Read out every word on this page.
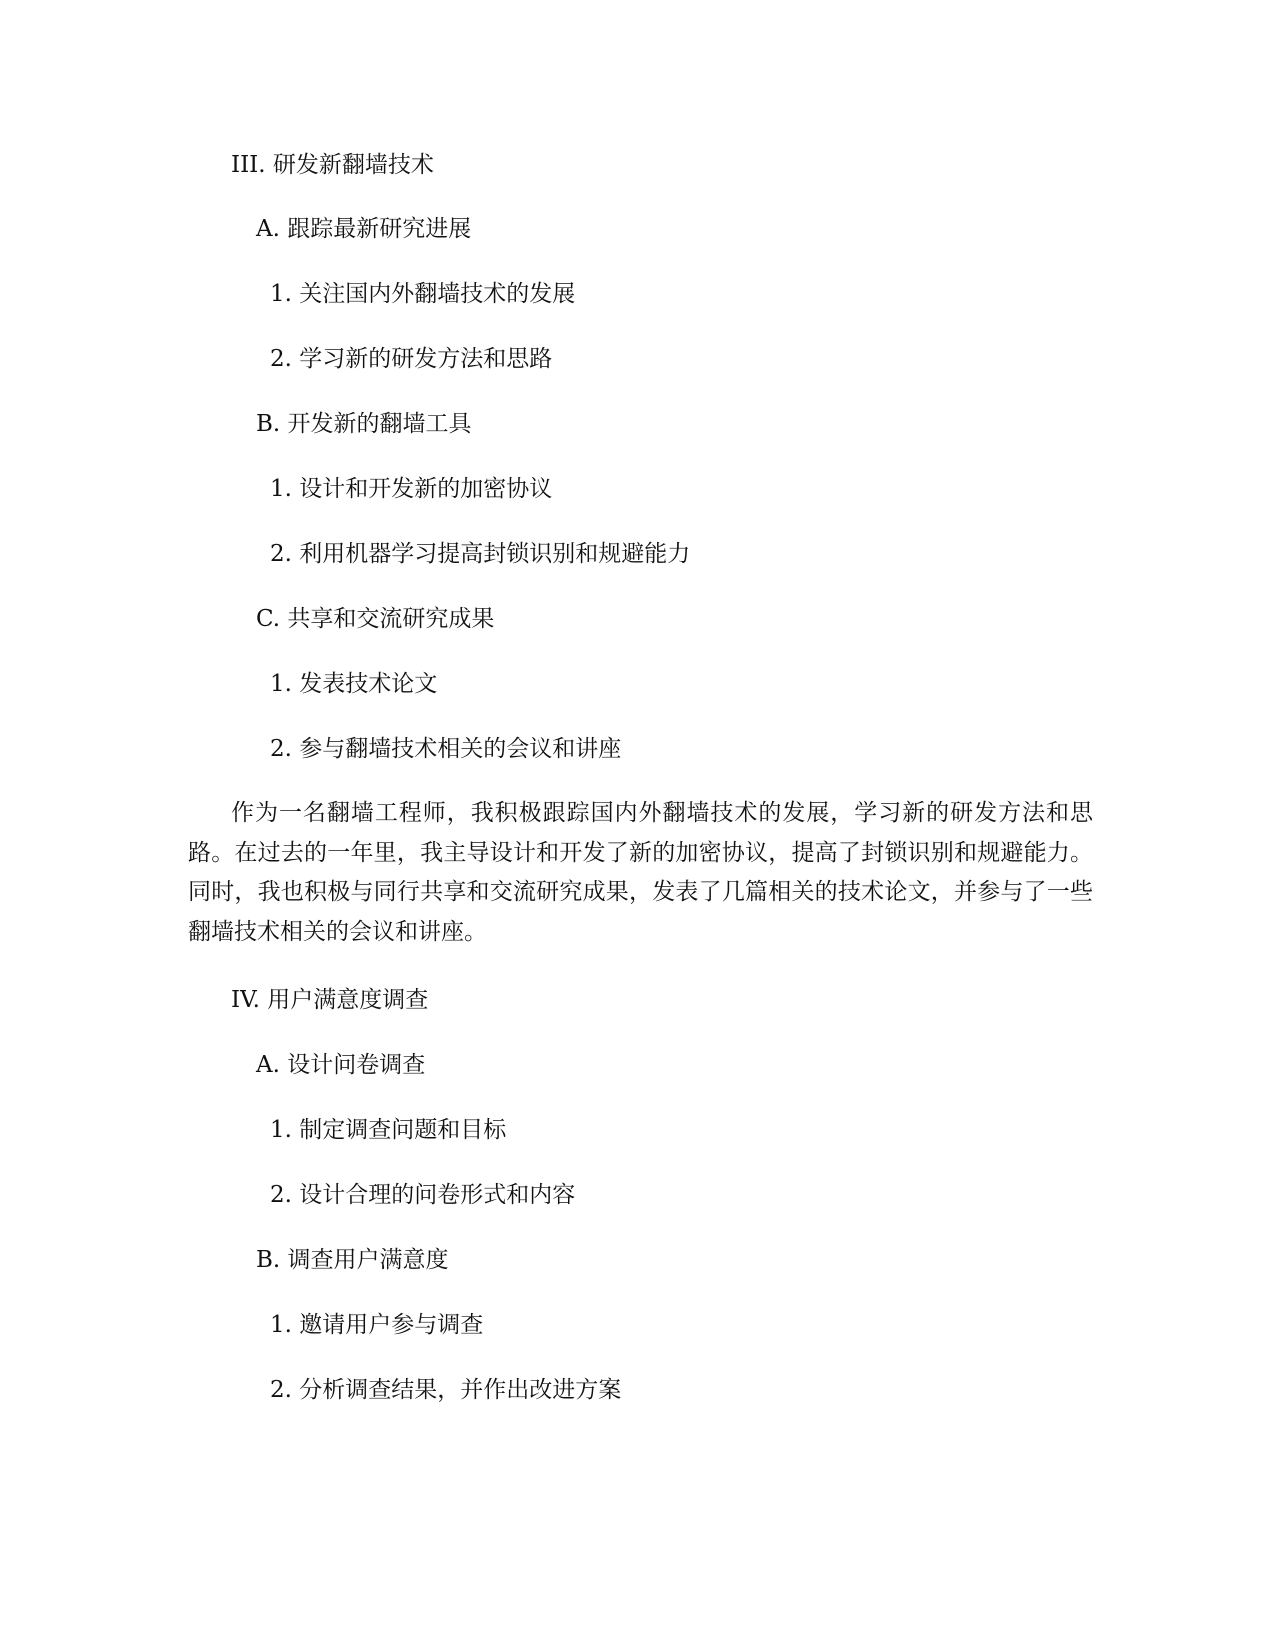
III. 研发新翻墙技术
A. 跟踪最新研究进展
1. 关注国内外翻墙技术的发展
2. 学习新的研发方法和思路
B. 开发新的翻墙工具
1. 设计和开发新的加密协议
2. 利用机器学习提高封锁识别和规避能力
C. 共享和交流研究成果
1. 发表技术论文
2. 参与翻墙技术相关的会议和讲座
作为一名翻墙工程师，我积极跟踪国内外翻墙技术的发展，学习新的研发方法和思路。在过去的一年里，我主导设计和开发了新的加密协议，提高了封锁识别和规避能力。同时，我也积极与同行共享和交流研究成果，发表了几篇相关的技术论文，并参与了一些翻墙技术相关的会议和讲座。
IV. 用户满意度调查
A. 设计问卷调查
1. 制定调查问题和目标
2. 设计合理的问卷形式和内容
B. 调查用户满意度
1. 邀请用户参与调查
2. 分析调查结果，并作出改进方案
